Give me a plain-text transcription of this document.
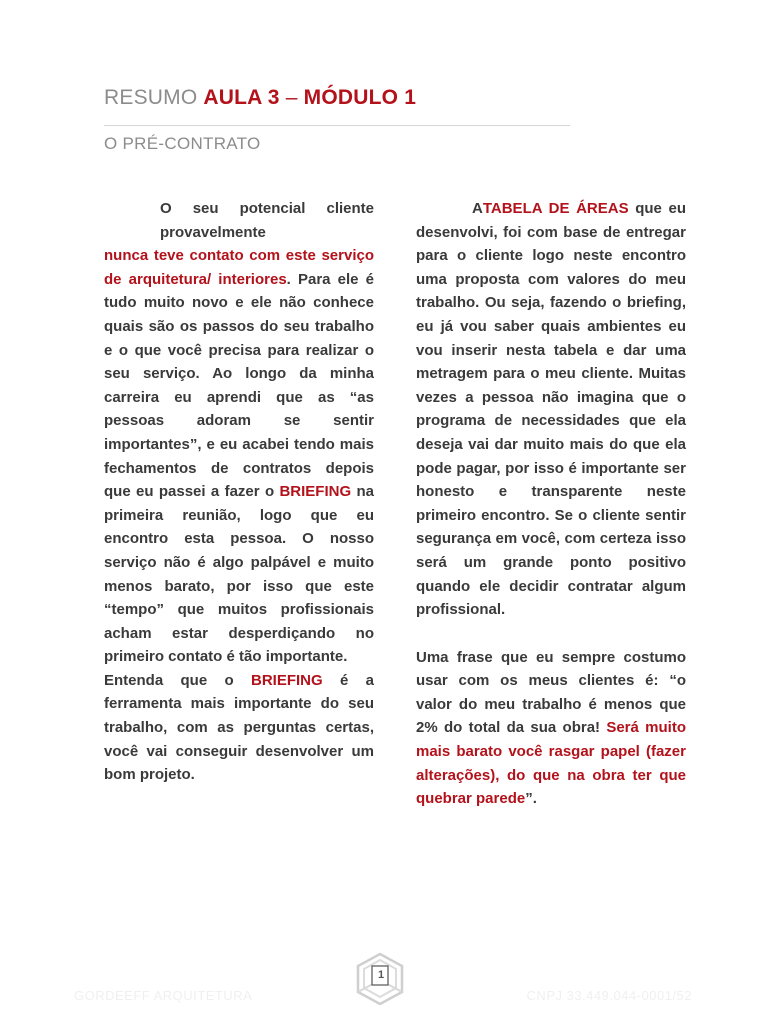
RESUMO AULA 3 – MÓDULO 1
O PRÉ-CONTRATO

O seu potencial cliente provavelmentenunca teve contato com este serviço de arquitetura/ interiores. Para ele é tudo muito novo e ele não conhece quais são os passos do seu trabalho e o que você precisa para realizar o seu serviço. Ao longo da minha carreira eu aprendi que as “as pessoas adoram se sentir importantes”, e eu acabei tendo mais fechamentos de contratos depois que eu passei a fazer o BRIEFING na primeira reunião, logo que eu encontro esta pessoa. O nosso serviço não é algo palpável e muito menos barato, por isso que este “tempo” que muitos profissionais acham estar desperdiçando no primeiro contato é tão importante.

Entenda que o BRIEFING é a ferramenta mais importante do seu trabalho, com as perguntas certas, você vai conseguir desenvolver um bom projeto.

ATABELA DE ÁREAS que eu desenvolvi, foi com base de entregar para o cliente logo neste encontro uma proposta com valores do meu trabalho. Ou seja, fazendo o briefing, eu já vou saber quais ambientes eu vou inserir nesta tabela e dar uma metragem para o meu cliente. Muitas vezes a pessoa não imagina que o programa de necessidades que ela deseja vai dar muito mais do que ela pode pagar, por isso é importante ser honesto e transparente neste primeiro encontro. Se o cliente sentir segurança em você, com certeza isso será um grande ponto positivo quando ele decidir contratar algum profissional.

Uma frase que eu sempre costumo usar com os meus clientes é: “o valor do meu trabalho é menos que 2% do total da sua obra! Será muito mais barato você rasgar papel (fazer alterações), do que na obra ter que quebrar parede”.

GORDEEFF ARQUITETURA	CNPJ 33.449.044-0001/52
1
